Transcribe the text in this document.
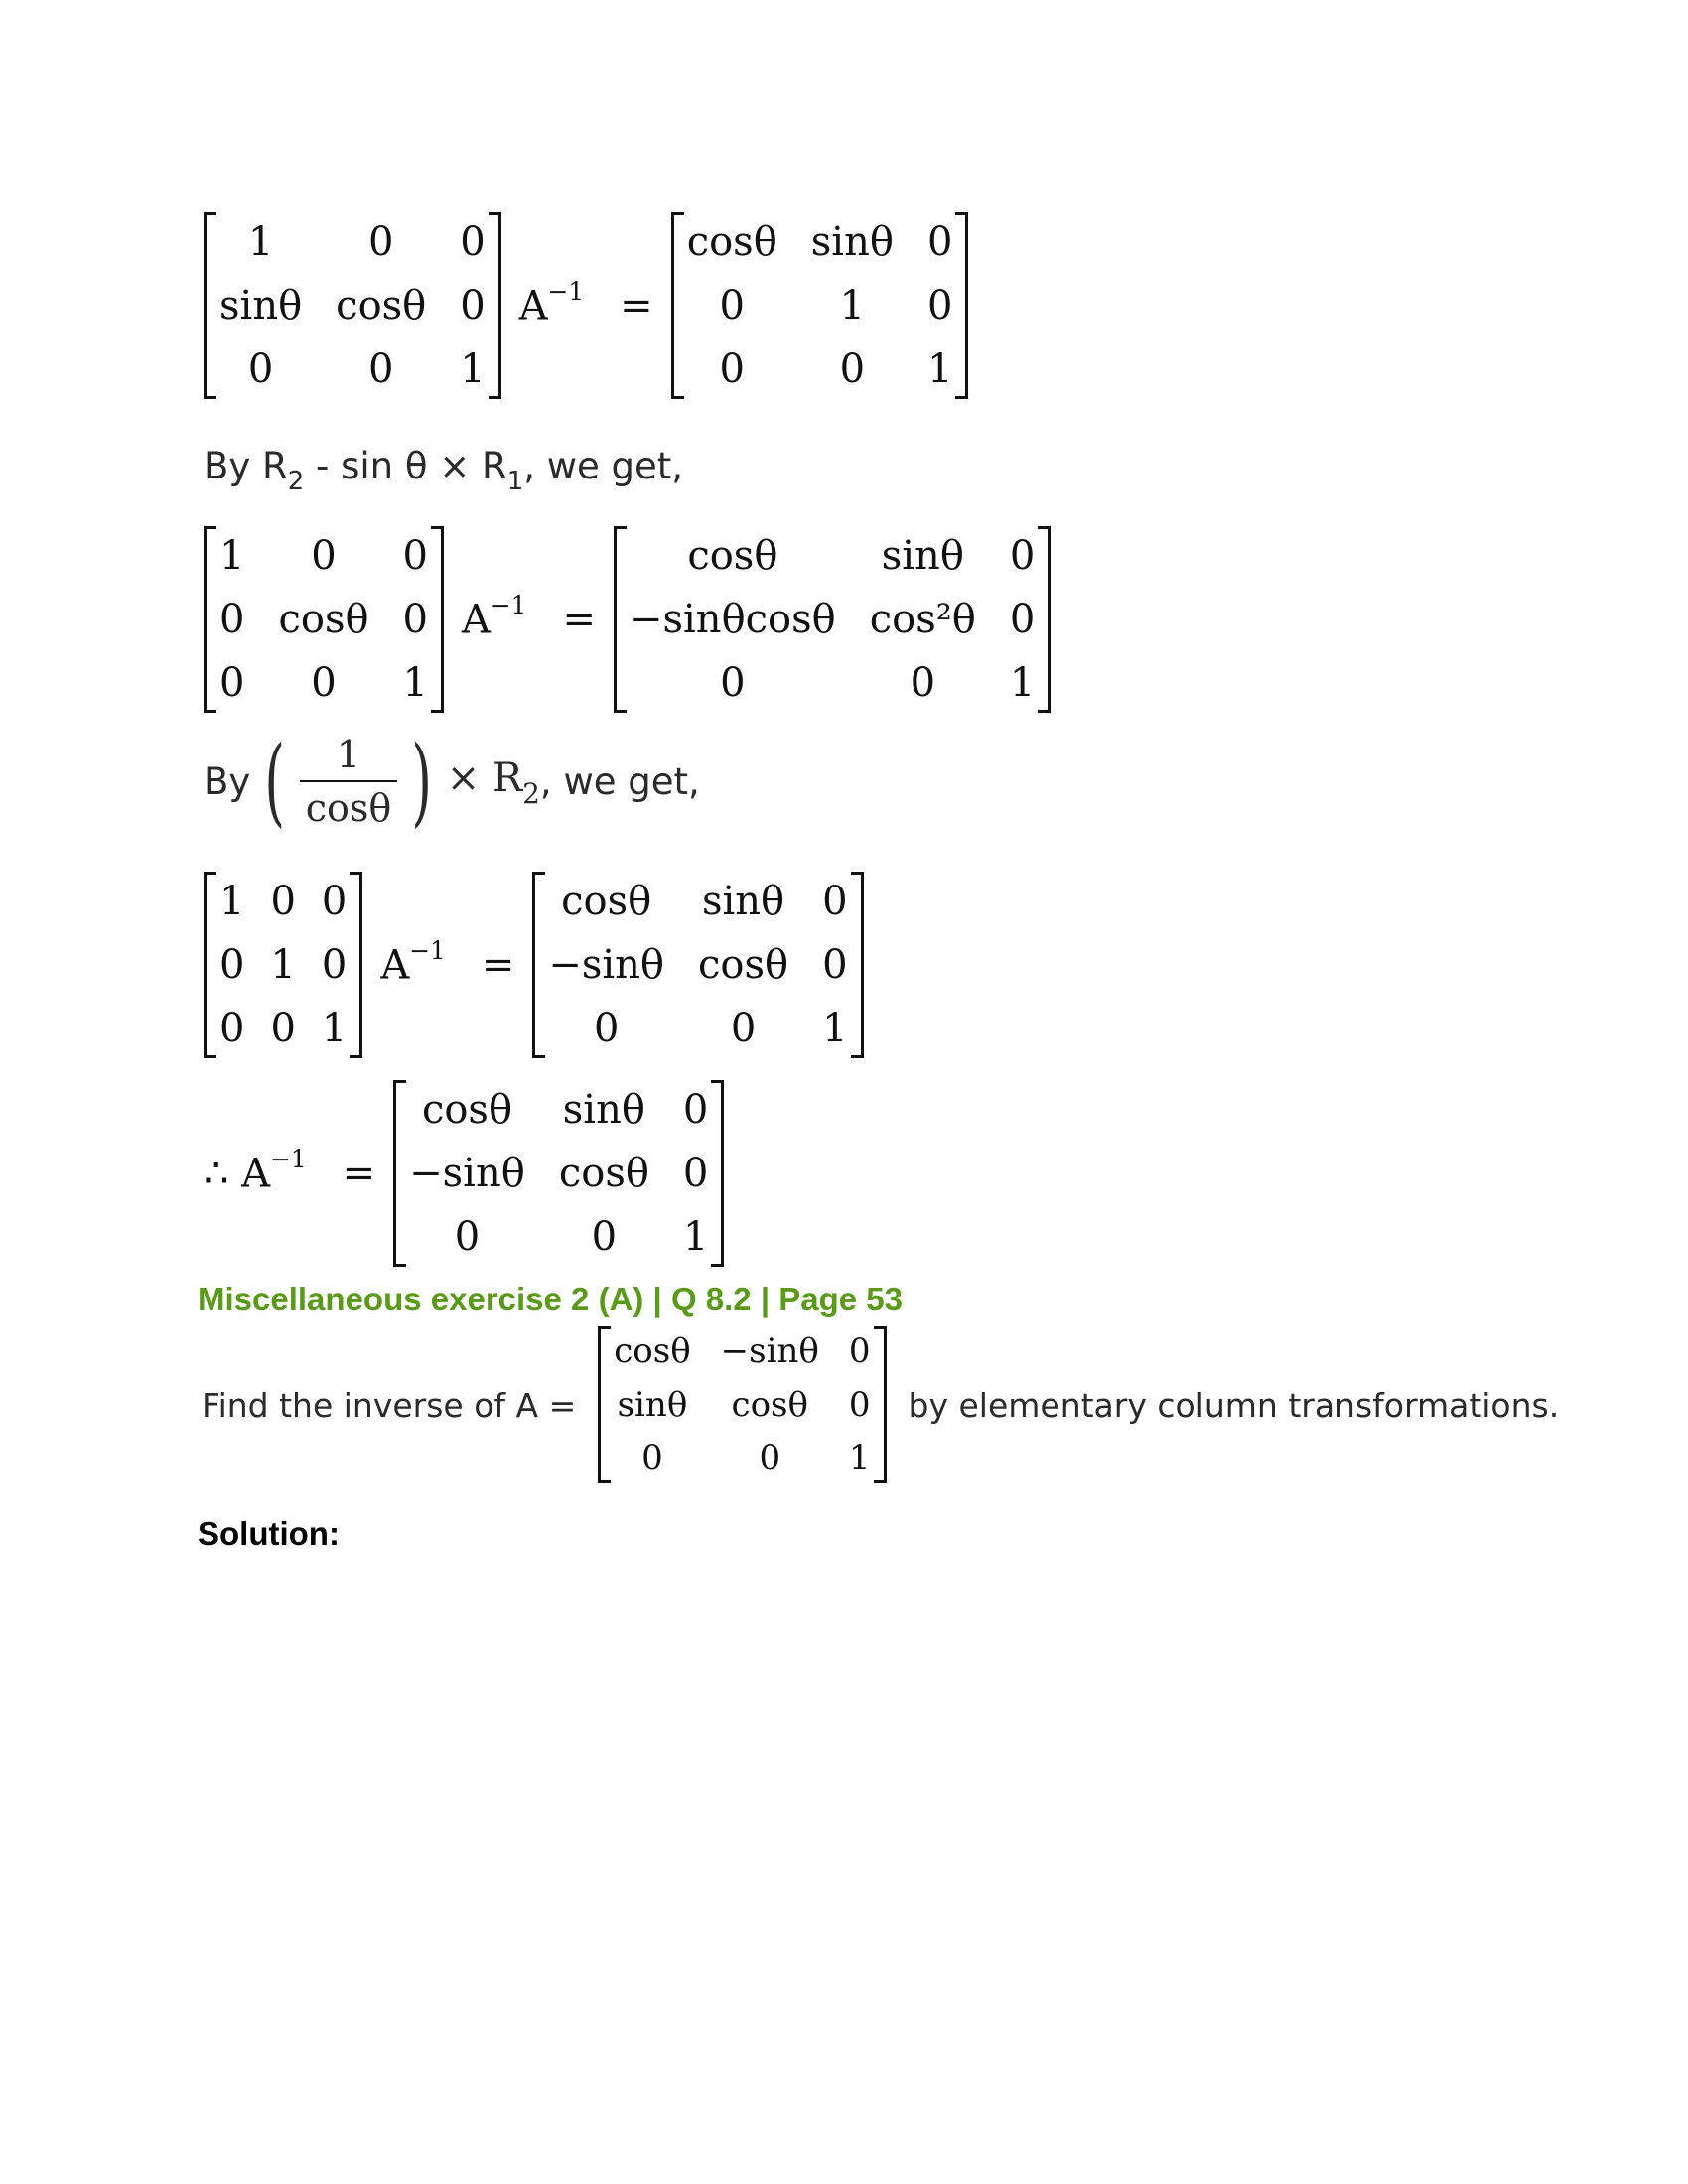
1	0	0
sinθ cosθ 0
0	0	1
$A^{-1}$ =
cosθ sinθ 0
0	1	0
0	0	1
By $R_2 - \sin \theta \times R_1$, we get,
1	0	0
0 cosθ 0
0	0	1
$A^{-1}$ =
cosθ	sinθ 0
−sinθcosθ cos²θ 0
0	0	1
By ( $\frac{1}{\cos\theta}$ ) × $R_2$ , we get,
1 0 0
0 1 0
0 0 1
$A^{-1}$ =
cosθ	sinθ 0
−sinθ cosθ 0
0	0	1
∴ $A^{-1}$ =
cosθ	sinθ 0
−sinθ cosθ 0
0	0	1
Miscellaneous exercise 2 (A) | Q 8.2 | Page 53
Find the inverse of A =
cosθ −sinθ 0
sinθ	cosθ	0
0	0	1
by elementary column transformations.
Solution:
